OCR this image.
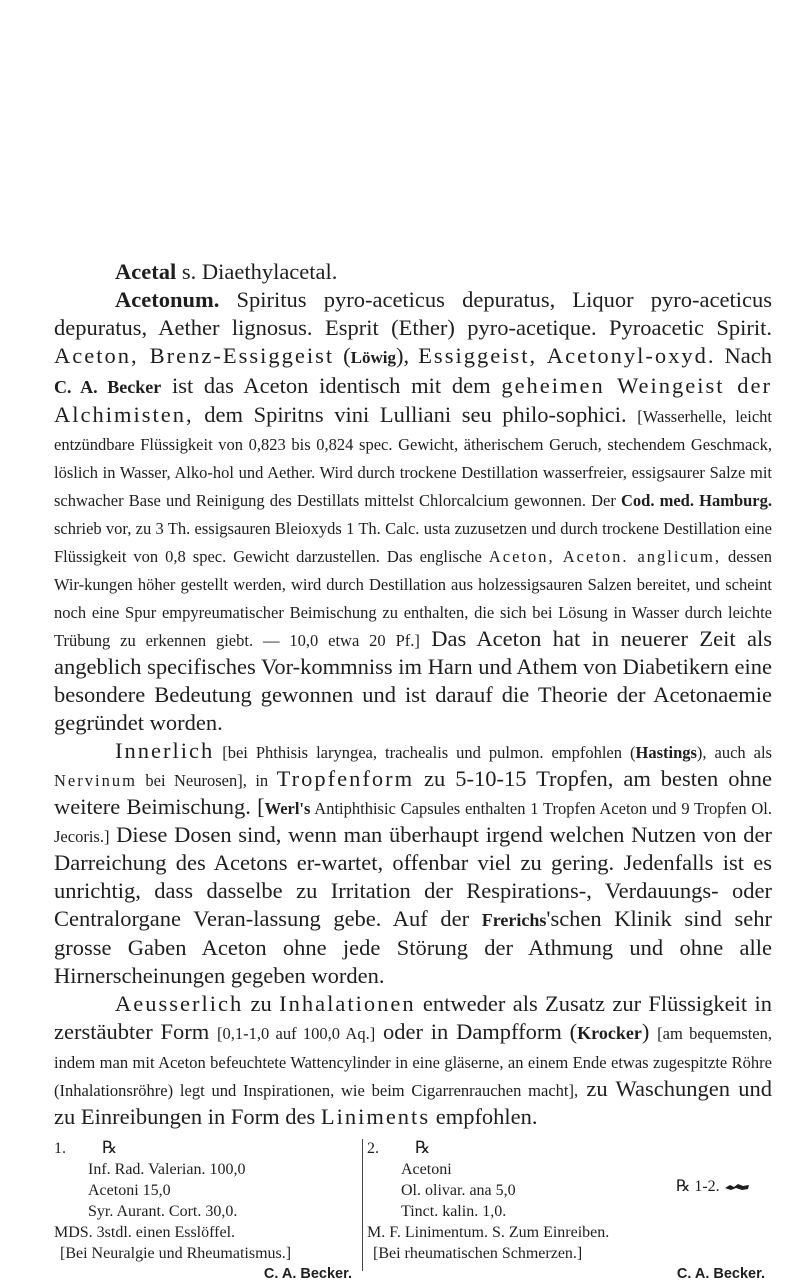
Acetal s. Diaethylacetal.

Acetonum. Spiritus pyro-aceticus depuratus, Liquor pyro-aceticus depuratus, Aether lignosus. Esprit (Ether) pyro-acetique. Pyroacetic Spirit. Aceton, Brenz-Essiggeist (Löwig), Essiggeist, Acetonyl-oxyd. Nach C. A. Becker ist das Aceton identisch mit dem geheimen Weingeist der Alchimisten, dem Spiritns vini Lulliani seu philo-sophici. [Wasserhelle, leicht entzündbare Flüssigkeit von 0,823 bis 0,824 spec. Gewicht, ätherischem Geruch, stechendem Geschmack, löslich in Wasser, Alko-hol und Aether. Wird durch trockene Destillation wasserfreier, essigsaurer Salze mit schwacher Base und Reinigung des Destillats mittelst Chlorcalcium gewonnen. Der Cod. med. Hamburg. schrieb vor, zu 3 Th. essigsauren Bleioxyds 1 Th. Calc. usta zuzusetzen und durch trockene Destillation eine Flüssigkeit von 0,8 spec. Gewicht darzustellen. Das englische Aceton, Aceton. anglicum, dessen Wir-kungen höher gestellt werden, wird durch Destillation aus holzessigsauren Salzen bereitet, und scheint noch eine Spur empyreumatischer Beimischung zu enthalten, die sich bei Lösung in Wasser durch leichte Trübung zu erkennen giebt. — 10,0 etwa 20 Pf.] Das Aceton hat in neuerer Zeit als angeblich specifisches Vor-kommniss im Harn und Athem von Diabetikern eine besondere Bedeutung gewonnen und ist darauf die Theorie der Acetonaemie gegründet worden.

Innerlich [bei Phthisis laryngea, trachealis und pulmon. empfohlen (Hastings), auch als Nervinum bei Neurosen], in Tropfenform zu 5-10-15 Tropfen, am besten ohne weitere Beimischung. [Werl's Antiphthisic Capsules enthalten 1 Tropfen Aceton und 9 Tropfen Ol. Jecoris.] Diese Dosen sind, wenn man überhaupt irgend welchen Nutzen von der Darreichung des Acetons er-wartet, offenbar viel zu gering. Jedenfalls ist es unrichtig, dass dasselbe zu Irritation der Respirations-, Verdauungs- oder Centralorgane Veran-lassung gebe. Auf der Frerichs'schen Klinik sind sehr grosse Gaben Aceton ohne jede Störung der Athmung und ohne alle Hirnerscheinungen gegeben worden.

Aeusserlich zu Inhalationen entweder als Zusatz zur Flüssigkeit in zerstäubter Form [0,1-1,0 auf 100,0 Aq.] oder in Dampfform (Krocker) [am bequemsten, indem man mit Aceton befeuchtete Wattencylinder in eine gläserne, an einem Ende etwas zugespitzte Röhre (Inhalationsröhre) legt und Inspirationen, wie beim Cigarrenrauchen macht], zu Waschungen und zu Einreibungen in Form des Liniments empfohlen.

1. ℞
Inf. Rad. Valerian. 100,0
Acetoni 15,0
Syr. Aurant. Cort. 30,0.
MDS. 3stdl. einen Esslöffel.
[Bei Neuralgie und Rheumatismus.]
C. A. Becker.
2. ℞
Acetoni
Ol. olivar. ana 5,0
Tinct. kalin. 1,0.
M. F. Linimentum. S. Zum Einreiben.
[Bei rheumatischen Schmerzen.]
C. A. Becker.
℞ 1-2.
